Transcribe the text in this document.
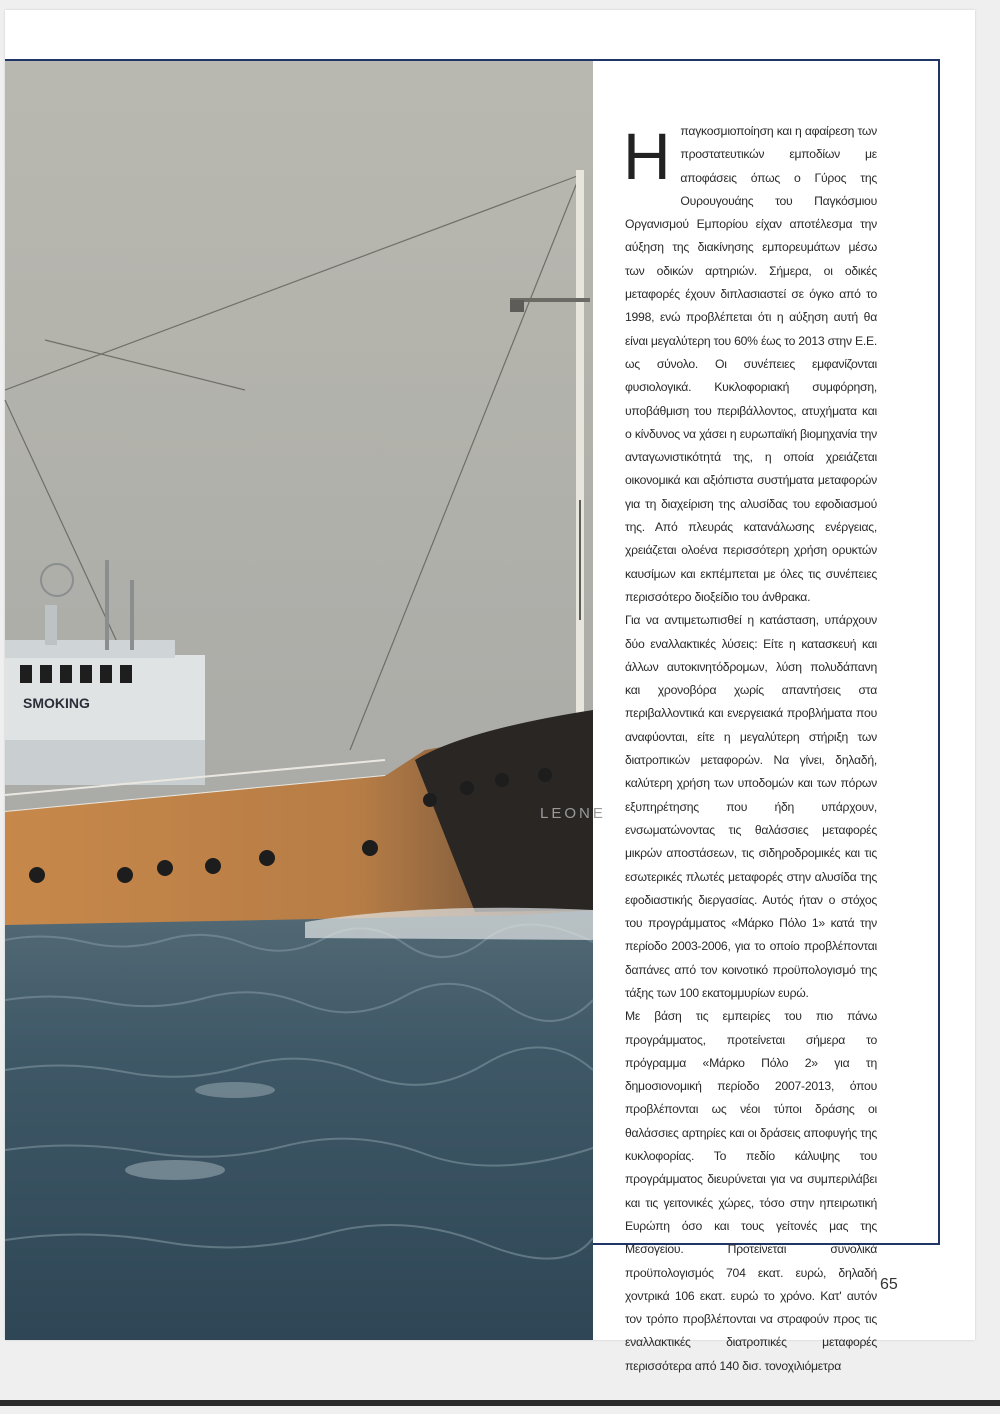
SMOKING
LEONE

Ηπαγκοσμιοποίηση και η αφαίρεση των προστατευτικών εμποδίων με αποφάσεις όπως ο Γύρος της Ουρουγουάης του Παγκόσμιου Οργανισμού Εμπορίου είχαν αποτέλεσμα την αύξηση της διακίνησης εμπορευμάτων μέσω των οδικών αρτηριών. Σήμερα, οι οδικές μεταφορές έχουν διπλασιαστεί σε όγκο από το 1998, ενώ προβλέπεται ότι η αύξηση αυτή θα είναι μεγαλύτερη του 60% έως το 2013 στην Ε.Ε. ως σύνολο. Οι συνέπειες εμφανίζονται φυσιολογικά. Κυκλοφοριακή συμφόρηση, υποβάθμιση του περιβάλλοντος, ατυχήματα και ο κίνδυνος να χάσει η ευρωπαϊκή βιομηχανία την ανταγωνιστικότητά της, η οποία χρειάζεται οικονομικά και αξιόπιστα συστήματα μεταφορών για τη διαχείριση της αλυσίδας του εφοδιασμού της. Από πλευράς κατανάλωσης ενέργειας, χρειάζεται ολοένα περισσότερη χρήση ορυκτών καυσίμων και εκπέμπεται με όλες τις συνέπειες περισσότερο διοξείδιο του άνθρακα.

Για να αντιμετωπισθεί η κατάσταση, υπάρχουν δύο εναλλακτικές λύσεις: Είτε η κατασκευή και άλλων αυτοκινητόδρομων, λύση πολυδάπανη και χρονοβόρα χωρίς απαντήσεις στα περιβαλλοντικά και ενεργειακά προβλήματα που αναφύονται, είτε η μεγαλύτερη στήριξη των διατροπικών μεταφορών. Να γίνει, δηλαδή, καλύτερη χρήση των υποδομών και των πόρων εξυπηρέτησης που ήδη υπάρχουν, ενσωματώνοντας τις θαλάσσιες μεταφορές μικρών αποστάσεων, τις σιδηροδρομικές και τις εσωτερικές πλωτές μεταφορές στην αλυσίδα της εφοδιαστικής διεργασίας. Αυτός ήταν ο στόχος του προγράμματος «Μάρκο Πόλο 1» κατά την περίοδο 2003-2006, για το οποίο προβλέπονται δαπάνες από τον κοινοτικό προϋπολογισμό της τάξης των 100 εκατομμυρίων ευρώ.

Με βάση τις εμπειρίες του πιο πάνω προγράμματος, προτείνεται σήμερα το πρόγραμμα «Μάρκο Πόλο 2» για τη δημοσιονομική περίοδο 2007-2013, όπου προβλέπονται ως νέοι τύποι δράσης οι θαλάσσιες αρτηρίες και οι δράσεις αποφυγής της κυκλοφορίας. Το πεδίο κάλυψης του προγράμματος διευρύνεται για να συμπεριλάβει και τις γειτονικές χώρες, τόσο στην ηπειρωτική Ευρώπη όσο και τους γείτονές μας της Μεσογείου. Προτείνεται συνολικά προϋπολογισμός 704 εκατ. ευρώ, δηλαδή χοντρικά 106 εκατ. ευρώ το χρόνο. Κατ' αυτόν τον τρόπο προβλέπονται να στραφούν προς τις εναλλακτικές διατροπικές μεταφορές περισσότερα από 140 δισ. τονοχιλιόμετρα

65
